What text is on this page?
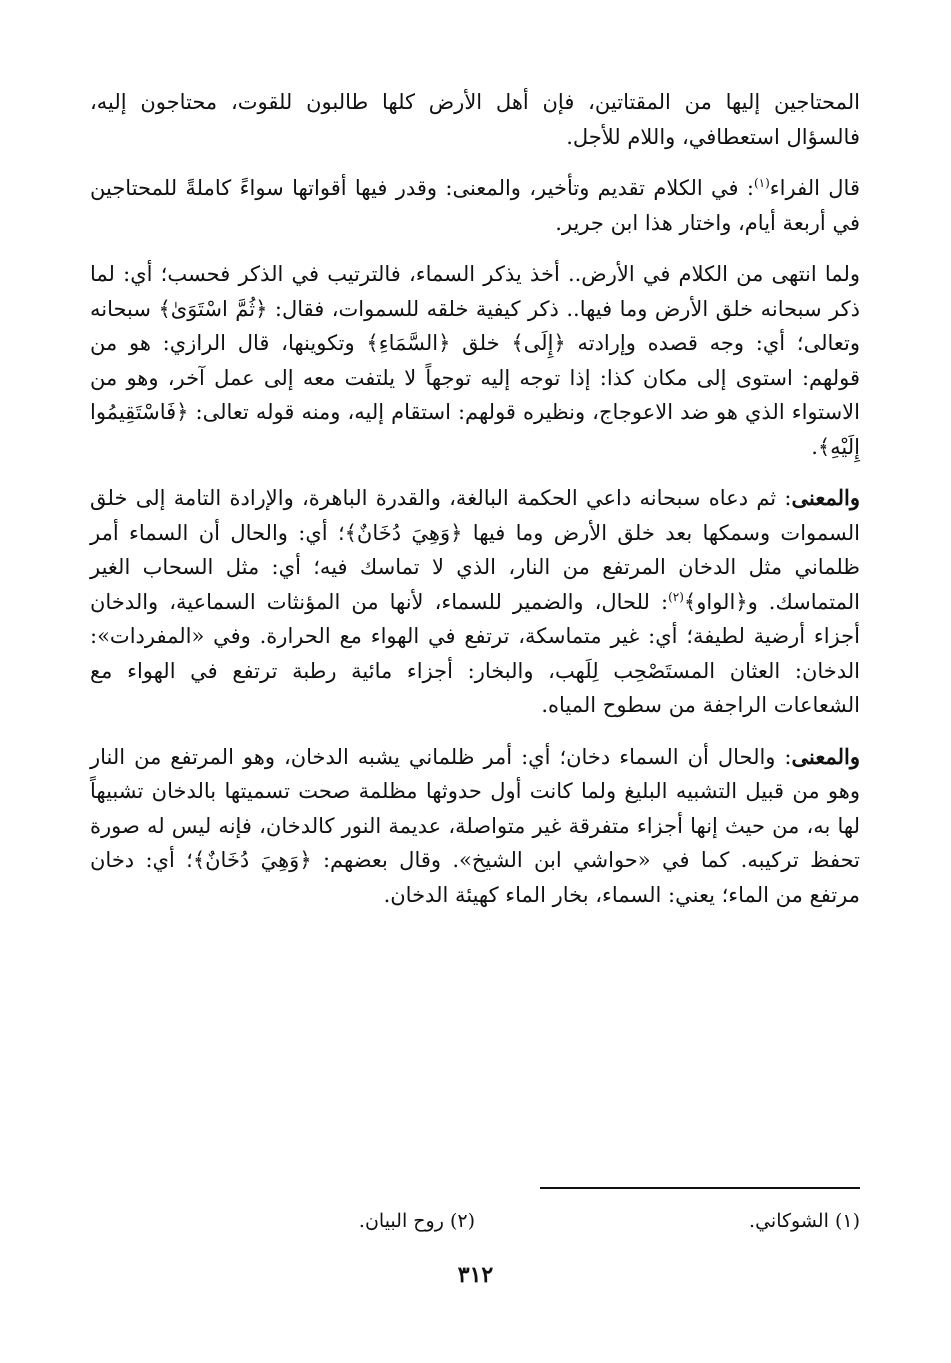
المحتاجين إليها من المقتاتين، فإن أهل الأرض كلها طالبون للقوت، محتاجون إليه، فالسؤال استعطافي، واللام للأجل.

قال الفراء$^{(١)}$: في الكلام تقديم وتأخير، والمعنى: وقدر فيها أقواتها سواءً كاملةً للمحتاجين في أربعة أيام، واختار هذا ابن جرير.

ولما انتهى من الكلام في الأرض.. أخذ يذكر السماء، فالترتيب في الذكر فحسب؛ أي: لما ذكر سبحانه خلق الأرض وما فيها.. ذكر كيفية خلقه للسموات، فقال: ﴿ثُمَّ اسْتَوَىٰ﴾ سبحانه وتعالى؛ أي: وجه قصده وإرادته ﴿إِلَى﴾ خلق ﴿السَّمَاءِ﴾ وتكوينها، قال الرازي: هو من قولهم: استوى إلى مكان كذا: إذا توجه إليه توجهاً لا يلتفت معه إلى عمل آخر، وهو من الاستواء الذي هو ضد الاعوجاج، ونظيره قولهم: استقام إليه، ومنه قوله تعالى: ﴿فَاسْتَقِيمُوا إِلَيْهِ﴾.

والمعنى: ثم دعاه سبحانه داعي الحكمة البالغة، والقدرة الباهرة، والإرادة التامة إلى خلق السموات وسمكها بعد خلق الأرض وما فيها ﴿وَهِيَ دُخَانٌ﴾؛ أي: والحال أن السماء أمر ظلماني مثل الدخان المرتفع من النار، الذي لا تماسك فيه؛ أي: مثل السحاب الغير المتماسك. و﴿الواو﴾$^{(٢)}$: للحال، والضمير للسماء، لأنها من المؤنثات السماعية، والدخان أجزاء أرضية لطيفة؛ أي: غير متماسكة، ترتفع في الهواء مع الحرارة. وفي «المفردات»: الدخان: العثان المستَصْحِب لِلَهب، والبخار: أجزاء مائية رطبة ترتفع في الهواء مع الشعاعات الراجفة من سطوح المياه.

والمعنى: والحال أن السماء دخان؛ أي: أمر ظلماني يشبه الدخان، وهو المرتفع من النار وهو من قبيل التشبيه البليغ ولما كانت أول حدوثها مظلمة صحت تسميتها بالدخان تشبيهاً لها به، من حيث إنها أجزاء متفرقة غير متواصلة، عديمة النور كالدخان، فإنه ليس له صورة تحفظ تركيبه. كما في «حواشي ابن الشيخ». وقال بعضهم: ﴿وَهِيَ دُخَانٌ﴾؛ أي: دخان مرتفع من الماء؛ يعني: السماء، بخار الماء كهيئة الدخان.

(١) الشوكاني.
(٢) روح البيان.
٣١٢
